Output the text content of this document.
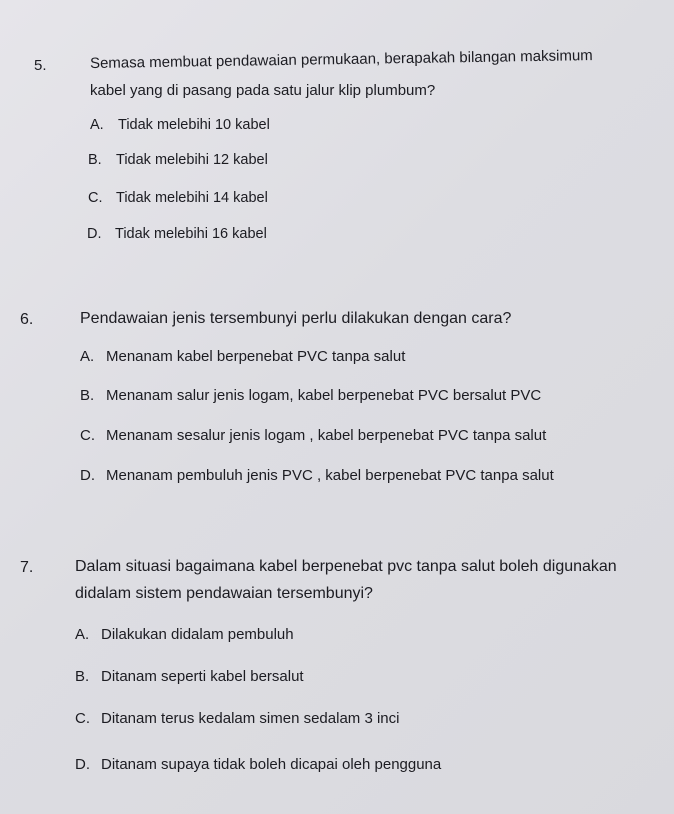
5.	Semasa membuat pendawaian permukaan, berapakah bilangan maksimum
kabel yang di pasang pada satu jalur klip plumbum?
A. Tidak melebihi 10 kabel
B. Tidak melebihi 12 kabel
C. Tidak melebihi 14 kabel
D. Tidak melebihi 16 kabel
6.	Pendawaian jenis tersembunyi perlu dilakukan dengan cara?
A. Menanam kabel berpenebat PVC tanpa salut
B. Menanam salur jenis logam, kabel berpenebat PVC bersalut PVC
C. Menanam sesalur jenis logam , kabel berpenebat PVC tanpa salut
D. Menanam pembuluh jenis PVC , kabel berpenebat PVC tanpa salut
7.	Dalam situasi bagaimana kabel berpenebat pvc tanpa salut boleh digunakan
didalam sistem pendawaian tersembunyi?
A. Dilakukan didalam pembuluh
B. Ditanam seperti kabel bersalut
C. Ditanam terus kedalam simen sedalam 3 inci
D. Ditanam supaya tidak boleh dicapai oleh pengguna
